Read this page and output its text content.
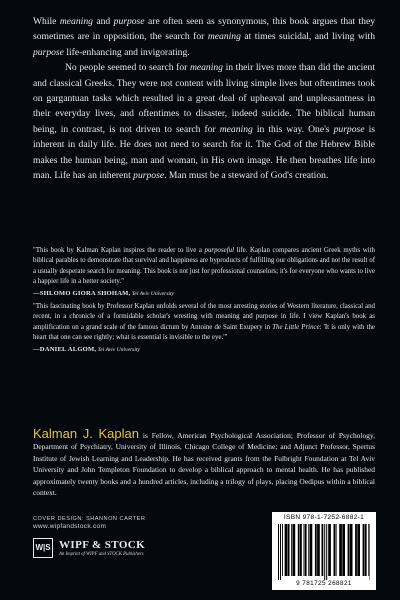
While meaning and purpose are often seen as synonymous, this book argues that they sometimes are in opposition, the search for meaning at times suicidal, and living with purpose life-enhancing and invigorating.

No people seemed to search for meaning in their lives more than did the ancient and classical Greeks. They were not content with living simple lives but oftentimes took on gargantuan tasks which resulted in a great deal of upheaval and unpleasantness in their everyday lives, and oftentimes to disaster, indeed suicide. The biblical human being, in contrast, is not driven to search for meaning in this way. One's purpose is inherent in daily life. He does not need to search for it. The God of the Hebrew Bible makes the human being, man and woman, in His own image. He then breathes life into man. Life has an inherent purpose. Man must be a steward of God's creation.

"This book by Kalman Kaplan inspires the reader to live a purposeful life. Kaplan compares ancient Greek myths with biblical parables to demonstrate that survival and happiness are byproducts of fulfilling our obligations and not the result of a usually desperate search for meaning. This book is not just for professional counselors; it's for everyone who wants to live a happier life in a better society."

—SHLOMO GIORA SHOHAM, Tel Aviv University

"This fascinating book by Professor Kaplan unfolds several of the most arresting stories of Western literature, classical and recent, in a chronicle of a formidable scholar's wresting with meaning and purpose in life. I view Kaplan's book as amplification on a grand scale of the famous dictum by Antoine de Saint Exupery in The Little Prince: 'It is only with the heart that one can see rightly; what is essential is invisible to the eye.'"

—DANIEL ALGOM, Tel Aviv University

Kalman J. Kaplan is Fellow, American Psychological Association; Professor of Psychology, Department of Psychiatry, University of Illinois, Chicago College of Medicine; and Adjunct Professor, Spertus Institute of Jewish Learning and Leadership. He has received grants from the Fulbright Foundation at Tel Aviv University and John Templeton Foundation to develop a biblical approach to mental health. He has published approximately twenty books and a hundred articles, including a trilogy of plays, placing Oedipus within a biblical context.
COVER DESIGN: SHANNON CARTER
www.wipfandstock.com
W|S WIPF & STOCK
An Imprint of WIPF and STOCK Publishers
ISBN 978-1-7252-6882-1
9 781725 268821
